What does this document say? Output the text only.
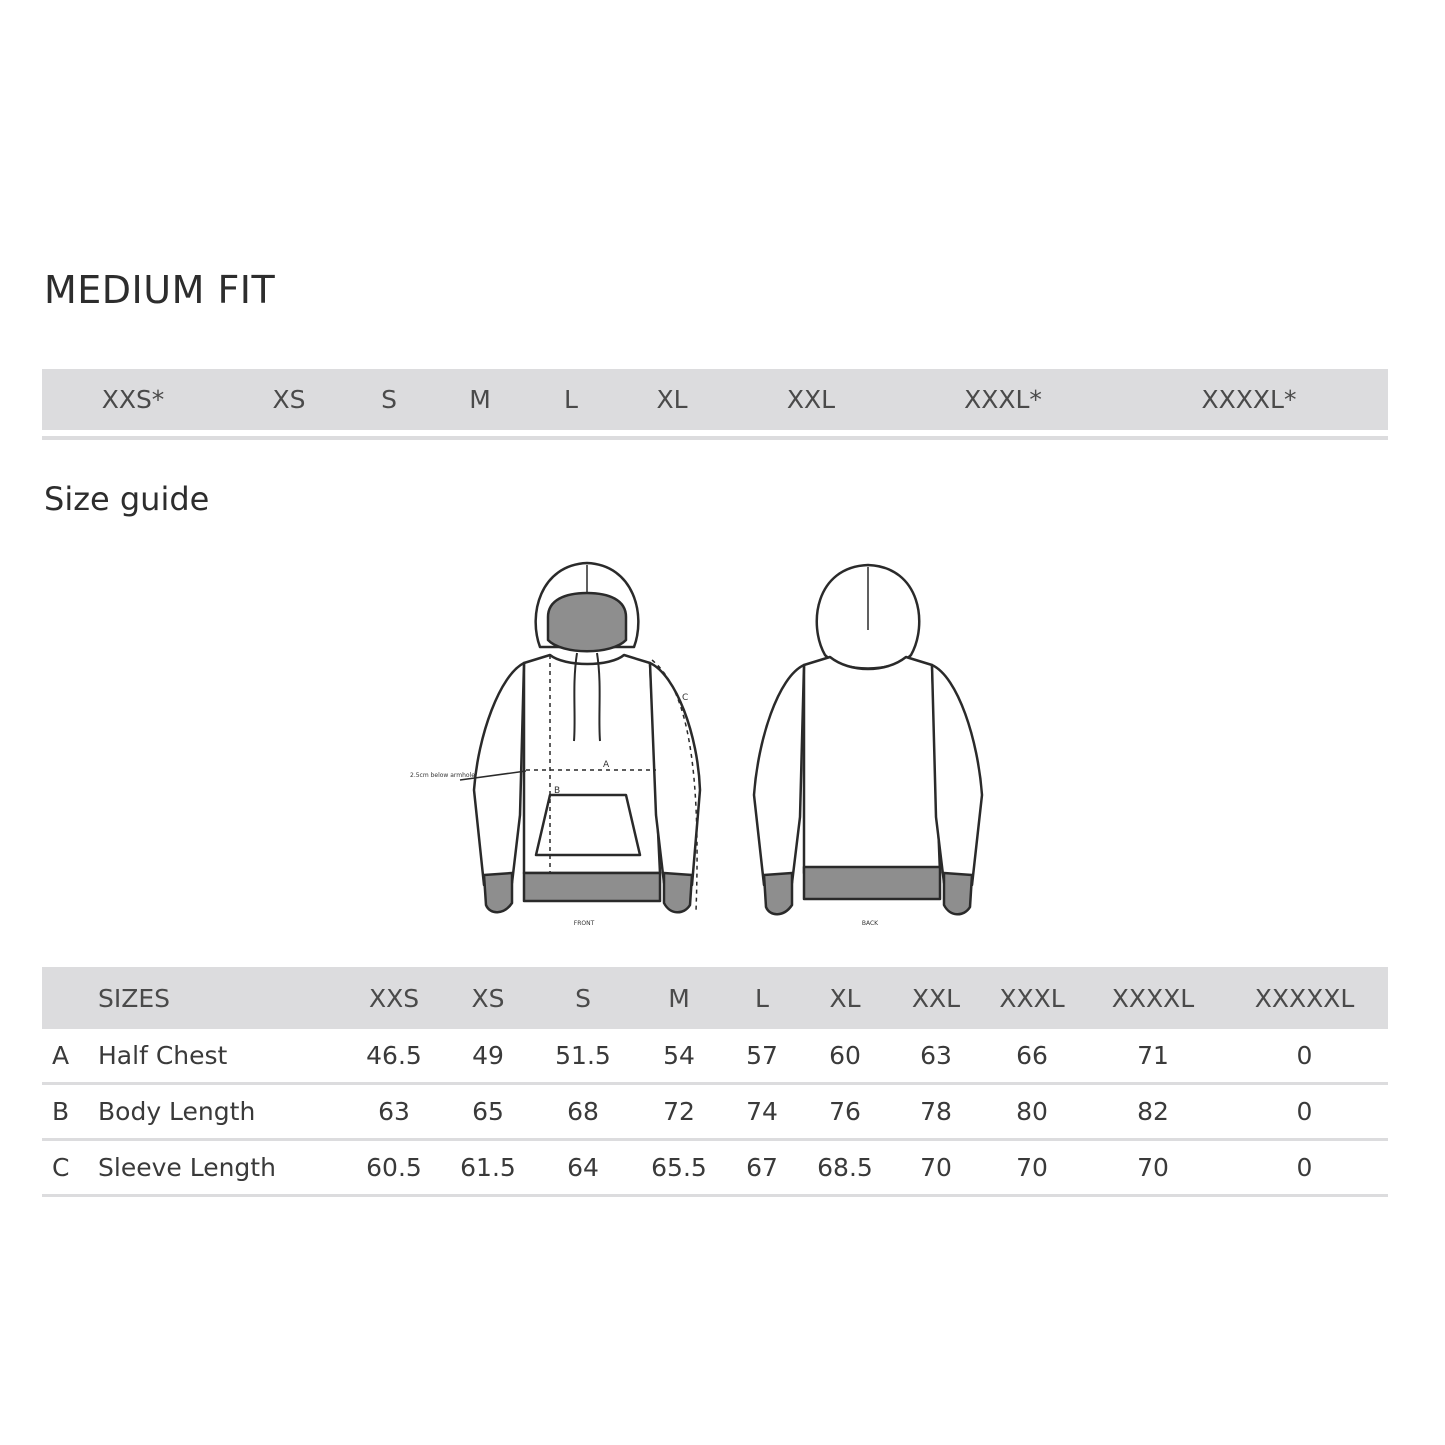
MEDIUM FIT
XXS*	XS	S	M	L	XL	XXL	XXXL*	XXXXL*
Size guide
A
B
C
2.5cm below armhole
FRONT	BACK
	SIZES	XXS	XS	S	M	L	XL	XXL	XXXL	XXXXL	XXXXXL
A	Half Chest	46.5	49	51.5	54	57	60	63	66	71	0
B	Body Length	63	65	68	72	74	76	78	80	82	0
C	Sleeve Length	60.5	61.5	64	65.5	67	68.5	70	70	70	0
